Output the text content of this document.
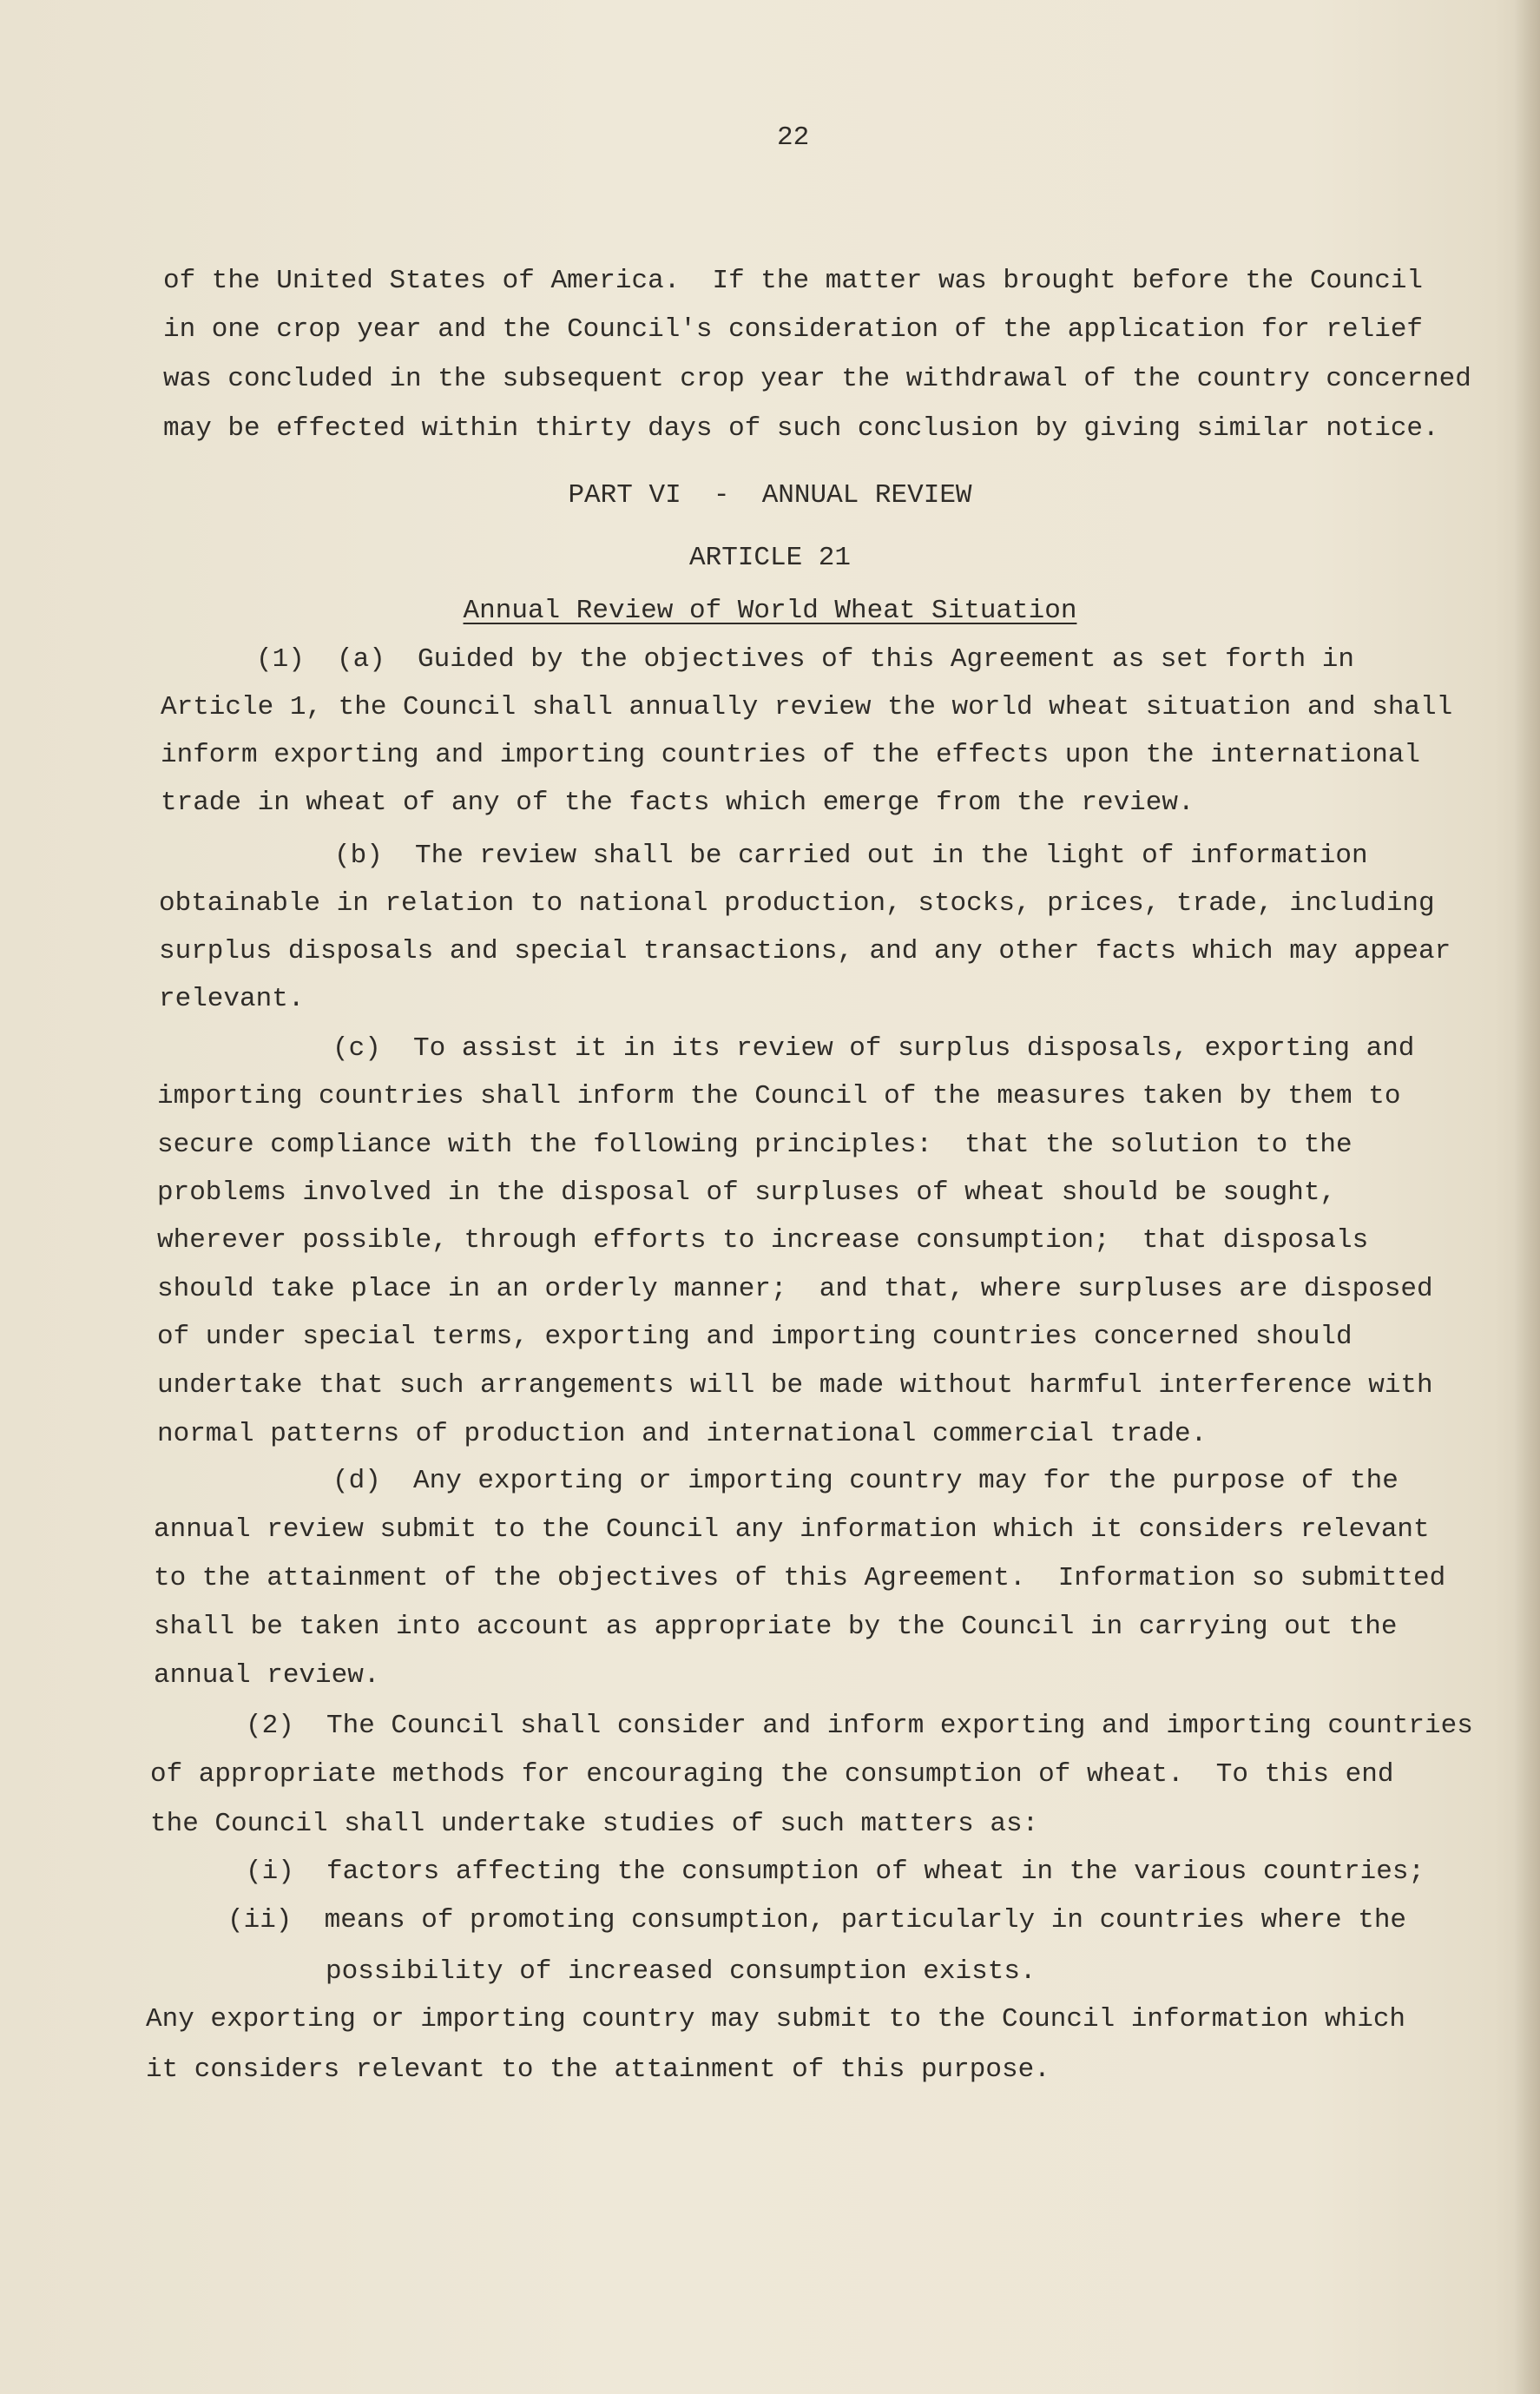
22
of the United States of America.  If the matter was brought before the Council
in one crop year and the Council's consideration of the application for relief
was concluded in the subsequent crop year the withdrawal of the country concerned
may be effected within thirty days of such conclusion by giving similar notice.
PART VI  -  ANNUAL REVIEW
ARTICLE 21
Annual Review of World Wheat Situation
(1)  (a)  Guided by the objectives of this Agreement as set forth in
Article 1, the Council shall annually review the world wheat situation and shall
inform exporting and importing countries of the effects upon the international
trade in wheat of any of the facts which emerge from the review.
(b)  The review shall be carried out in the light of information
obtainable in relation to national production, stocks, prices, trade, including
surplus disposals and special transactions, and any other facts which may appear
relevant.
(c)  To assist it in its review of surplus disposals, exporting and
importing countries shall inform the Council of the measures taken by them to
secure compliance with the following principles:  that the solution to the
problems involved in the disposal of surpluses of wheat should be sought,
wherever possible, through efforts to increase consumption;  that disposals
should take place in an orderly manner;  and that, where surpluses are disposed
of under special terms, exporting and importing countries concerned should
undertake that such arrangements will be made without harmful interference with
normal patterns of production and international commercial trade.
(d)  Any exporting or importing country may for the purpose of the
annual review submit to the Council any information which it considers relevant
to the attainment of the objectives of this Agreement.  Information so submitted
shall be taken into account as appropriate by the Council in carrying out the
annual review.
(2)  The Council shall consider and inform exporting and importing countries
of appropriate methods for encouraging the consumption of wheat.  To this end
the Council shall undertake studies of such matters as:
(i)  factors affecting the consumption of wheat in the various countries;
(ii)  means of promoting consumption, particularly in countries where the
possibility of increased consumption exists.
Any exporting or importing country may submit to the Council information which
it considers relevant to the attainment of this purpose.
